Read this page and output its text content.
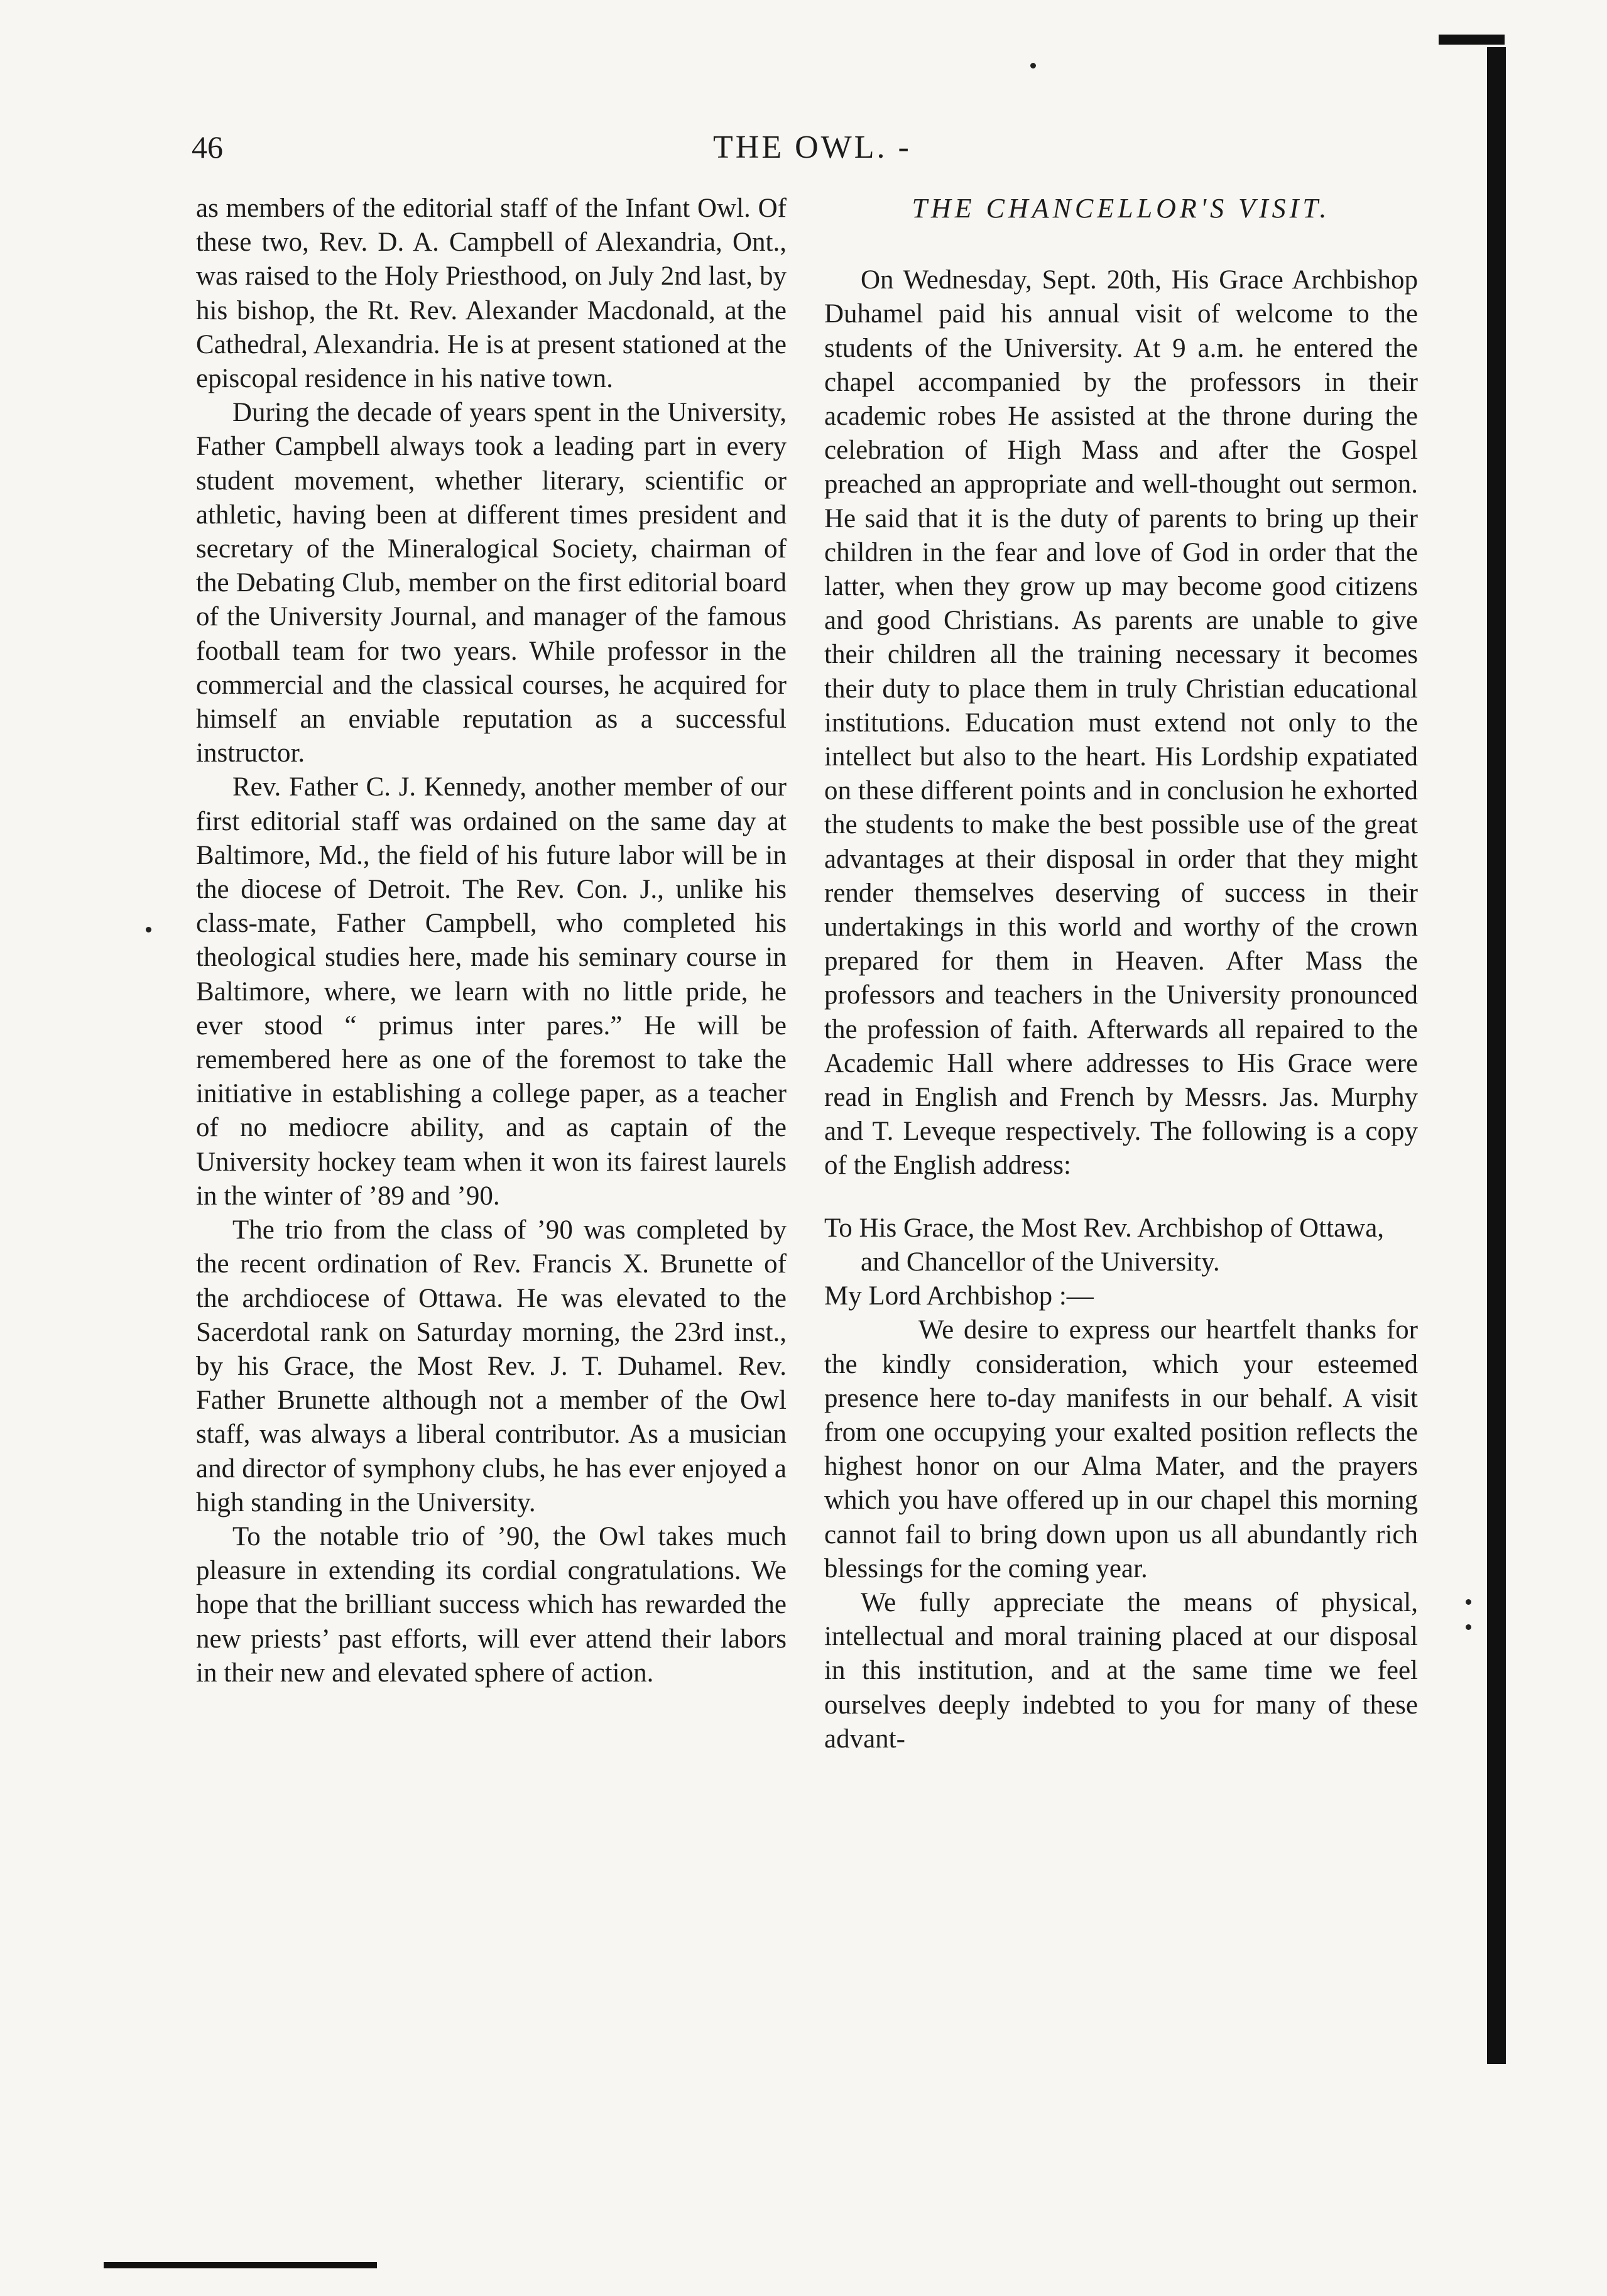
46	THE OWL. -

as members of the editorial staff of the Infant Owl. Of these two, Rev. D. A. Campbell of Alexandria, Ont., was raised to the Holy Priesthood, on July 2nd last, by his bishop, the Rt. Rev. Alexander Macdonald, at the Cathedral, Alexandria. He is at present stationed at the episcopal residence in his native town.

During the decade of years spent in the University, Father Campbell always took a leading part in every student movement, whether literary, scientific or athletic, having been at different times president and secretary of the Mineralogical Society, chairman of the Debating Club, member on the first editorial board of the University Journal, and manager of the famous football team for two years. While professor in the commercial and the classical courses, he acquired for himself an enviable reputation as a successful instructor.

Rev. Father C. J. Kennedy, another member of our first editorial staff was ordained on the same day at Baltimore, Md., the field of his future labor will be in the diocese of Detroit. The Rev. Con. J., unlike his class-mate, Father Campbell, who completed his theological studies here, made his seminary course in Baltimore, where, we learn with no little pride, he ever stood “ primus inter pares.” He will be remembered here as one of the foremost to take the initiative in establishing a college paper, as a teacher of no mediocre ability, and as captain of the University hockey team when it won its fairest laurels in the winter of ’89 and ’90.

The trio from the class of ’90 was completed by the recent ordination of Rev. Francis X. Brunette of the archdiocese of Ottawa. He was elevated to the Sacerdotal rank on Saturday morning, the 23rd inst., by his Grace, the Most Rev. J. T. Duhamel. Rev. Father Brunette although not a member of the Owl staff, was always a liberal contributor. As a musician and director of symphony clubs, he has ever enjoyed a high standing in the University.

To the notable trio of ’90, the Owl takes much pleasure in extending its cordial congratulations. We hope that the brilliant success which has rewarded the new priests’ past efforts, will ever attend their labors in their new and elevated sphere of action.

THE CHANCELLOR'S VISIT.

On Wednesday, Sept. 20th, His Grace Archbishop Duhamel paid his annual visit of welcome to the students of the University. At 9 a.m. he entered the chapel accompanied by the professors in their academic robes He assisted at the throne during the celebration of High Mass and after the Gospel preached an appropriate and well-thought out sermon. He said that it is the duty of parents to bring up their children in the fear and love of God in order that the latter, when they grow up may become good citizens and good Christians. As parents are unable to give their children all the training necessary it becomes their duty to place them in truly Christian educational institutions. Education must extend not only to the intellect but also to the heart. His Lordship expatiated on these different points and in conclusion he exhorted the students to make the best possible use of the great advantages at their disposal in order that they might render themselves deserving of success in their undertakings in this world and worthy of the crown prepared for them in Heaven. After Mass the professors and teachers in the University pronounced the profession of faith. Afterwards all repaired to the Academic Hall where addresses to His Grace were read in English and French by Messrs. Jas. Murphy and T. Leveque respectively. The following is a copy of the English address:

To His Grace, the Most Rev. Archbishop of Ottawa, and Chancellor of the University.

My Lord Archbishop :—

We desire to express our heartfelt thanks for the kindly consideration, which your esteemed presence here to-day manifests in our behalf. A visit from one occupying your exalted position reflects the highest honor on our Alma Mater, and the prayers which you have offered up in our chapel this morning cannot fail to bring down upon us all abundantly rich blessings for the coming year.

We fully appreciate the means of physical, intellectual and moral training placed at our disposal in this institution, and at the same time we feel ourselves deeply indebted to you for many of these advant-
